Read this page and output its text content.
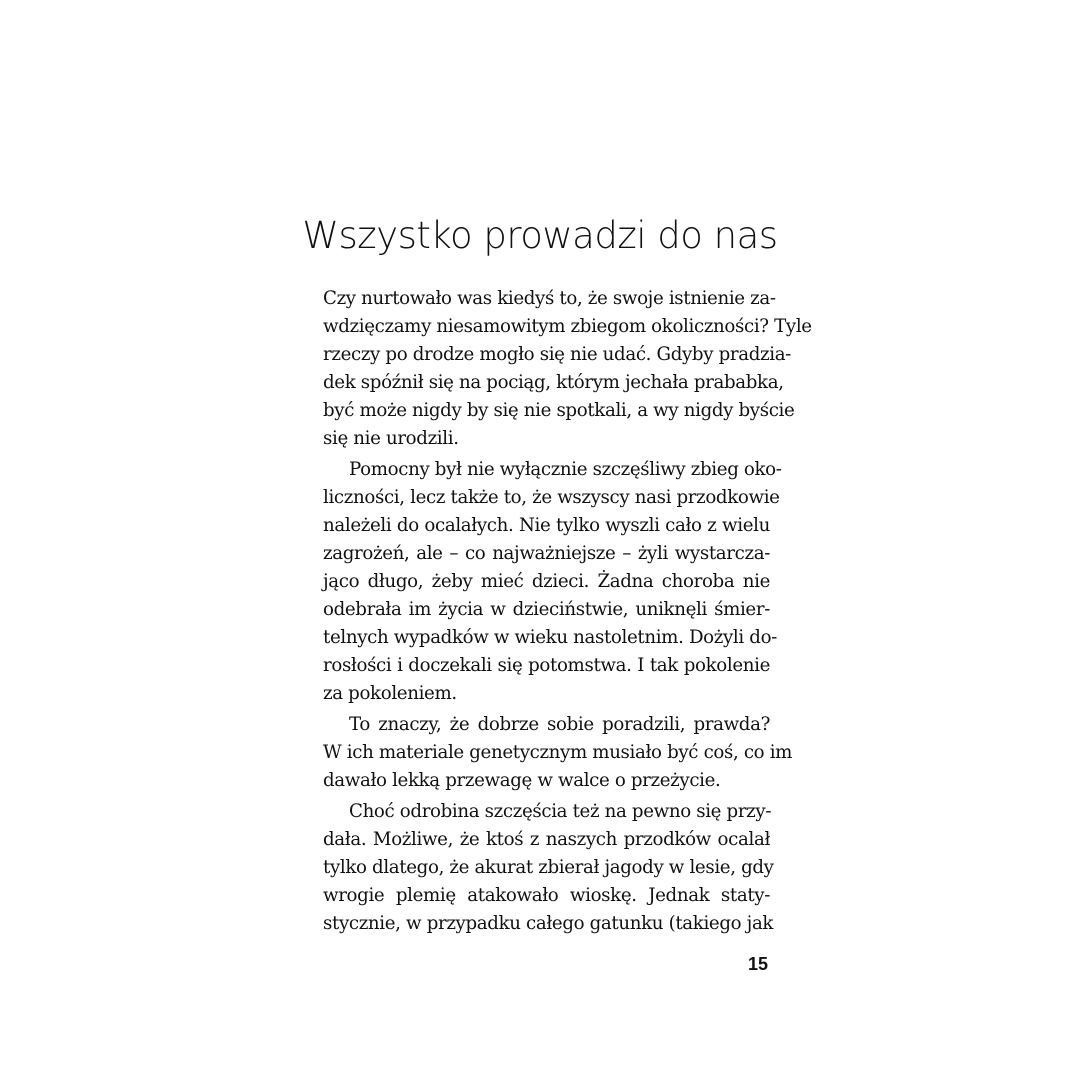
Wszystko prowadzi do nas

Czy nurtowało was kiedyś to, że swoje istnienie za-
wdzięczamy niesamowitym zbiegom okoliczności? Tyle
rzeczy po drodze mogło się nie udać. Gdyby pradzia-
dek spóźnił się na pociąg, którym jechała prababka,
być może nigdy by się nie spotkali, a wy nigdy byście
się nie urodzili.

Pomocny był nie wyłącznie szczęśliwy zbieg oko-
liczności, lecz także to, że wszyscy nasi przodkowie
należeli do ocalałych. Nie tylko wyszli cało z wielu
zagrożeń, ale – co najważniejsze – żyli wystarcza-
jąco długo, żeby mieć dzieci. Żadna choroba nie
odebrała im życia w dzieciństwie, uniknęli śmier-
telnych wypadków w wieku nastoletnim. Dożyli do-
rosłości i doczekali się potomstwa. I tak pokolenie
za pokoleniem.

To znaczy, że dobrze sobie poradzili, prawda?
W ich materiale genetycznym musiało być coś, co im
dawało lekką przewagę w walce o przeżycie.

Choć odrobina szczęścia też na pewno się przy-
dała. Możliwe, że ktoś z naszych przodków ocalał
tylko dlatego, że akurat zbierał jagody w lesie, gdy
wrogie plemię atakowało wioskę. Jednak staty-
stycznie, w przypadku całego gatunku (takiego jak

15
